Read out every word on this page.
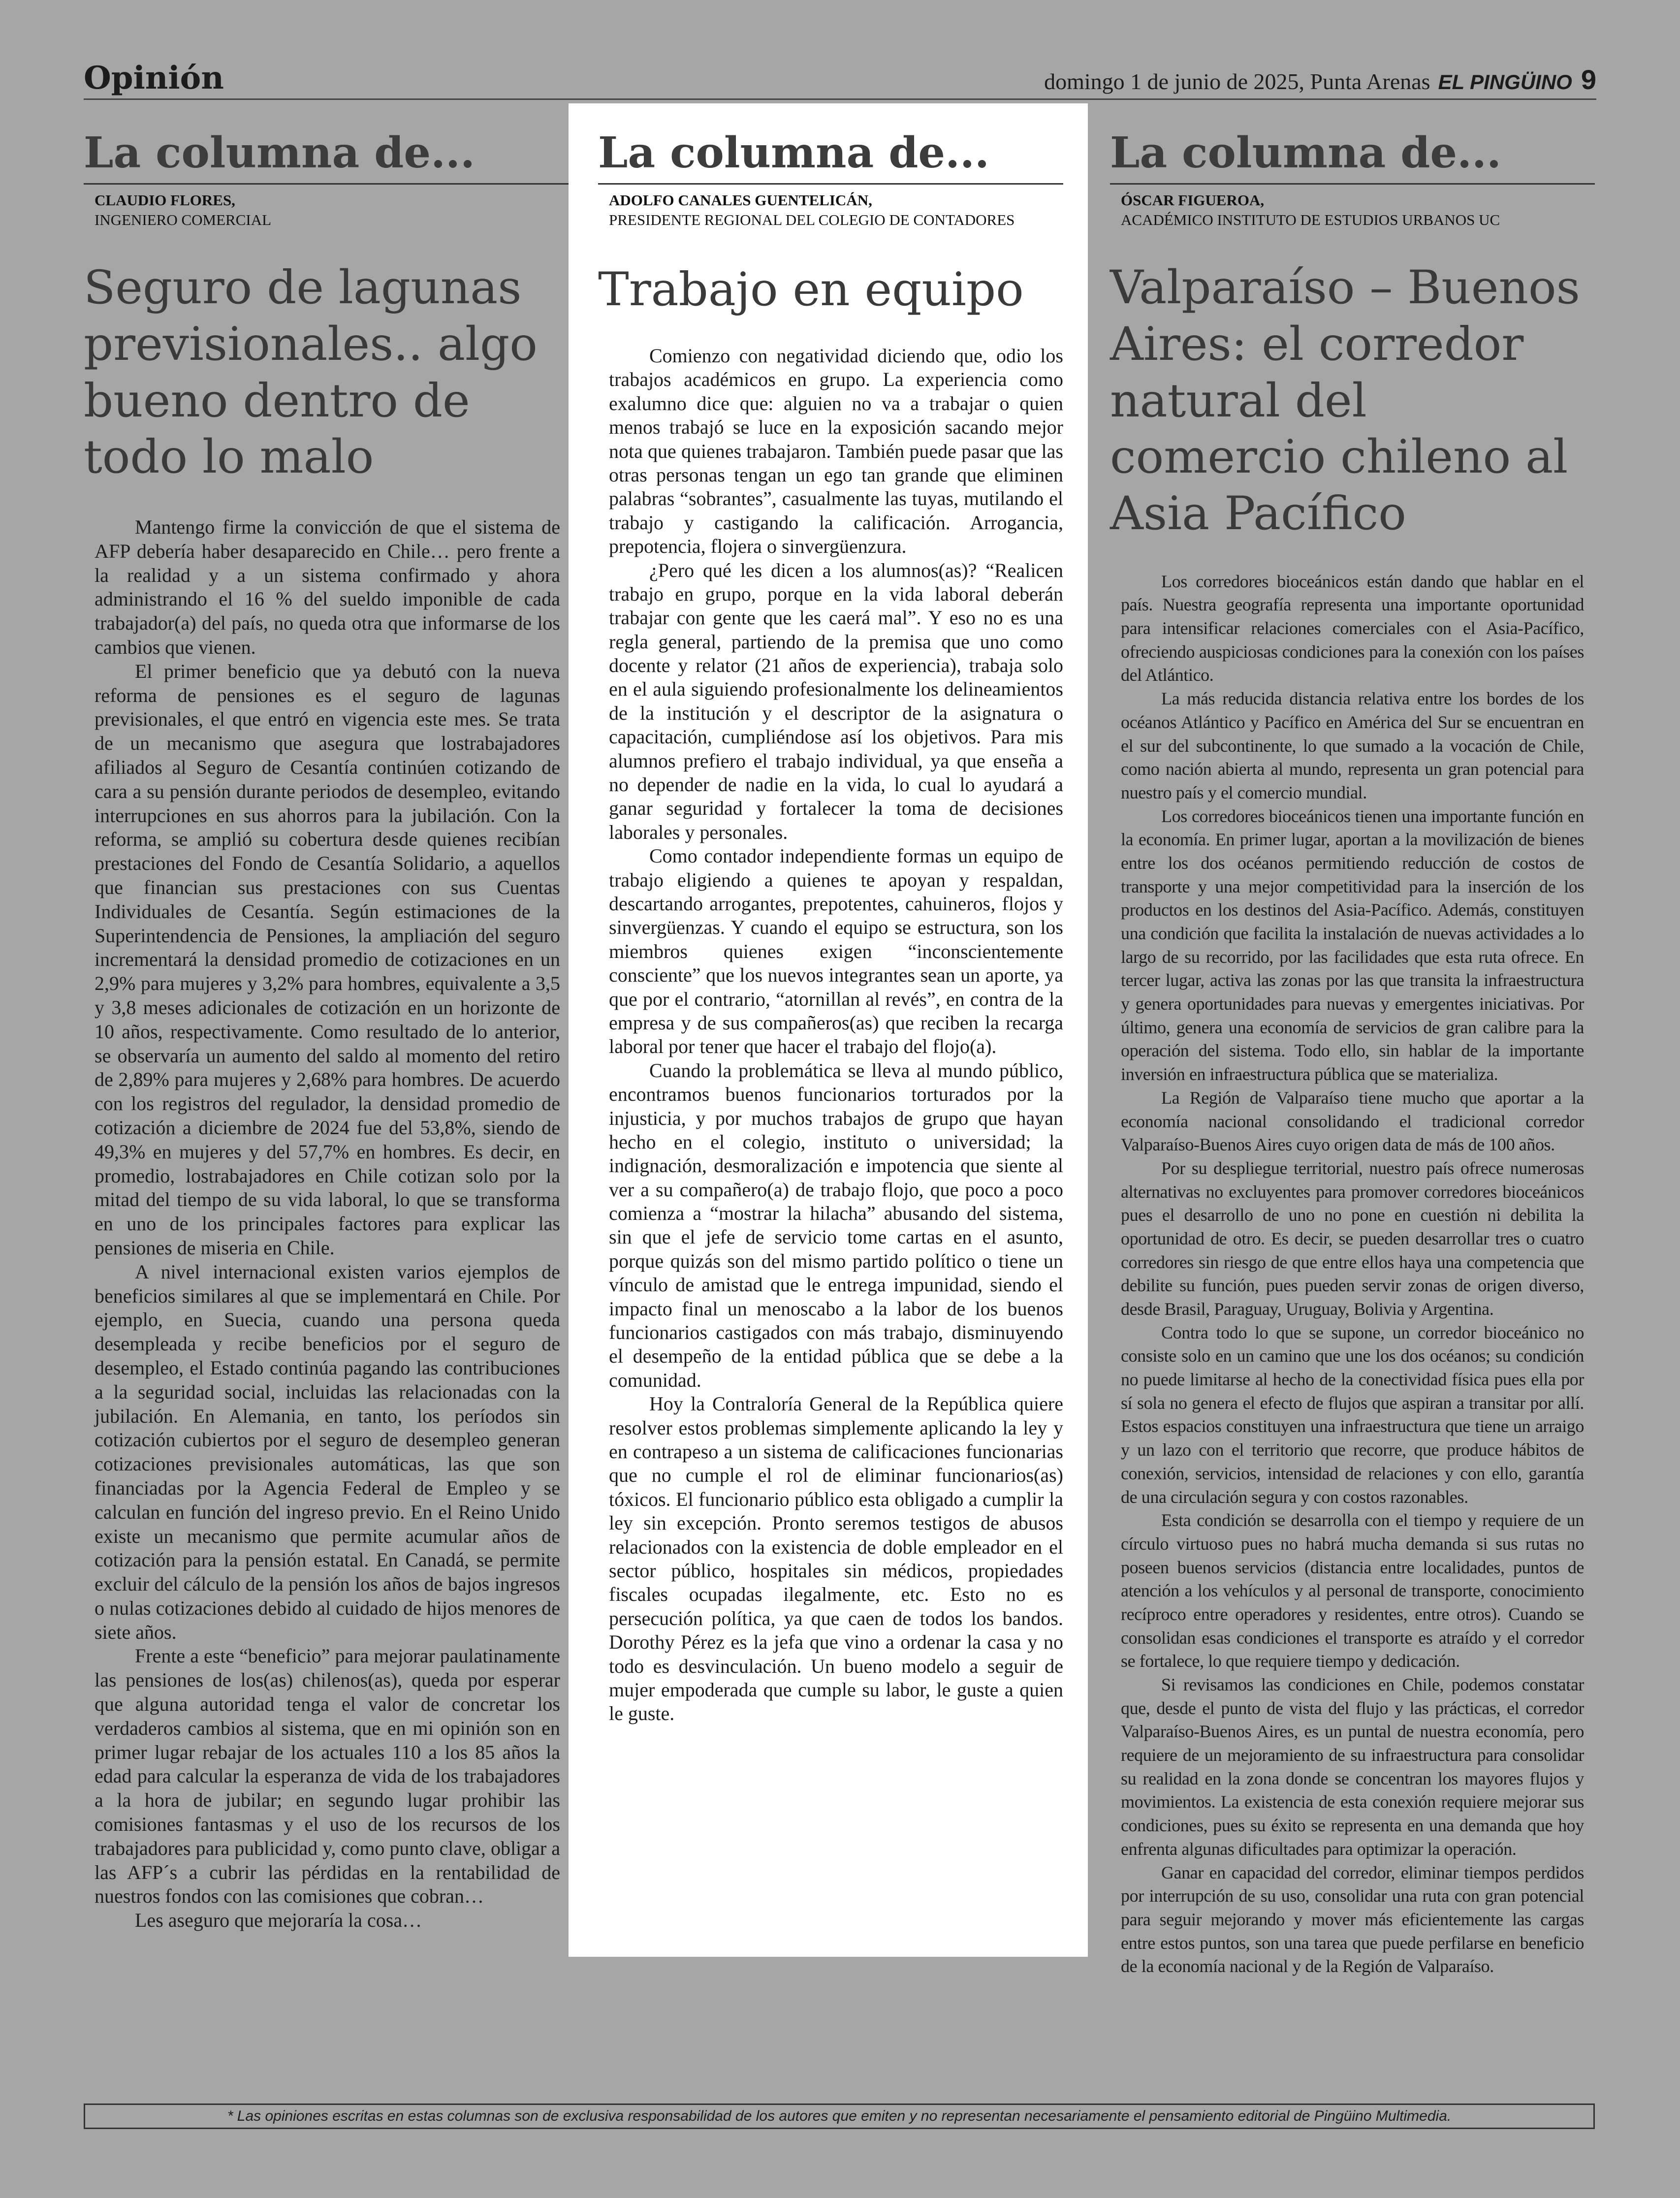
Opinión	domingo 1 de junio de 2025, Punta Arenas EL PINGÜINO 9
La columna de...
CLAUDIO FLORES,
INGENIERO COMERCIAL
Seguro de lagunas previsionales.. algo bueno dentro de todo lo malo

Mantengo firme la convicción de que el sistema de AFP debería haber desaparecido en Chile… pero frente a la realidad y a un sistema confirmado y ahora administrando el 16 % del sueldo imponible de cada trabajador(a) del país, no queda otra que informarse de los cambios que vienen.

El primer beneficio que ya debutó con la nueva reforma de pensiones es el seguro de lagunas previsionales, el que entró en vigencia este mes. Se trata de un mecanismo que asegura que lostrabajadores afiliados al Seguro de Cesantía continúen cotizando de cara a su pensión durante periodos de desempleo, evitando interrupciones en sus ahorros para la jubilación. Con la reforma, se amplió su cobertura desde quienes recibían prestaciones del Fondo de Cesantía Solidario, a aquellos que financian sus prestaciones con sus Cuentas Individuales de Cesantía. Según estimaciones de la Superintendencia de Pensiones, la ampliación del seguro incrementará la densidad promedio de cotizaciones en un 2,9% para mujeres y 3,2% para hombres, equivalente a 3,5 y 3,8 meses adicionales de cotización en un horizonte de 10 años, respectivamente. Como resultado de lo anterior, se observaría un aumento del saldo al momento del retiro de 2,89% para mujeres y 2,68% para hombres. De acuerdo con los registros del regulador, la densidad promedio de cotización a diciembre de 2024 fue del 53,8%, siendo de 49,3% en mujeres y del 57,7% en hombres. Es decir, en promedio, lostrabajadores en Chile cotizan solo por la mitad del tiempo de su vida laboral, lo que se transforma en uno de los principales factores para explicar las pensiones de miseria en Chile.

A nivel internacional existen varios ejemplos de beneficios similares al que se implementará en Chile. Por ejemplo, en Suecia, cuando una persona queda desempleada y recibe beneficios por el seguro de desempleo, el Estado continúa pagando las contribuciones a la seguridad social, incluidas las relacionadas con la jubilación. En Alemania, en tanto, los períodos sin cotización cubiertos por el seguro de desempleo generan cotizaciones previsionales automáticas, las que son financiadas por la Agencia Federal de Empleo y se calculan en función del ingreso previo. En el Reino Unido existe un mecanismo que permite acumular años de cotización para la pensión estatal. En Canadá, se permite excluir del cálculo de la pensión los años de bajos ingresos o nulas cotizaciones debido al cuidado de hijos menores de siete años.

Frente a este “beneficio” para mejorar paulatinamente las pensiones de los(as) chilenos(as), queda por esperar que alguna autoridad tenga el valor de concretar los verdaderos cambios al sistema, que en mi opinión son en primer lugar rebajar de los actuales 110 a los 85 años la edad para calcular la esperanza de vida de los trabajadores a la hora de jubilar; en segundo lugar prohibir las comisiones fantasmas y el uso de los recursos de los trabajadores para publicidad y, como punto clave, obligar a las AFP´s a cubrir las pérdidas en la rentabilidad de nuestros fondos con las comisiones que cobran…

Les aseguro que mejoraría la cosa…

La columna de...
ADOLFO CANALES GUENTELICÁN,
PRESIDENTE REGIONAL DEL COLEGIO DE CONTADORES
Trabajo en equipo

Comienzo con negatividad diciendo que, odio los trabajos académicos en grupo. La experiencia como exalumno dice que: alguien no va a trabajar o quien menos trabajó se luce en la exposición sacando mejor nota que quienes trabajaron. También puede pasar que las otras personas tengan un ego tan grande que eliminen palabras “sobrantes”, casualmente las tuyas, mutilando el trabajo y castigando la calificación. Arrogancia, prepotencia, flojera o sinvergüenzura.

¿Pero qué les dicen a los alumnos(as)? “Realicen trabajo en grupo, porque en la vida laboral deberán trabajar con gente que les caerá mal”. Y eso no es una regla general, partiendo de la premisa que uno como docente y relator (21 años de experiencia), trabaja solo en el aula siguiendo profesionalmente los delineamientos de la institución y el descriptor de la asignatura o capacitación, cumpliéndose así los objetivos. Para mis alumnos prefiero el trabajo individual, ya que enseña a no depender de nadie en la vida, lo cual lo ayudará a ganar seguridad y fortalecer la toma de decisiones laborales y personales.

Como contador independiente formas un equipo de trabajo eligiendo a quienes te apoyan y respaldan, descartando arrogantes, prepotentes, cahuineros, flojos y sinvergüenzas. Y cuando el equipo se estructura, son los miembros quienes exigen “inconscientemente consciente” que los nuevos integrantes sean un aporte, ya que por el contrario, “atornillan al revés”, en contra de la empresa y de sus compañeros(as) que reciben la recarga laboral por tener que hacer el trabajo del flojo(a).

Cuando la problemática se lleva al mundo público, encontramos buenos funcionarios torturados por la injusticia, y por muchos trabajos de grupo que hayan hecho en el colegio, instituto o universidad; la indignación, desmoralización e impotencia que siente al ver a su compañero(a) de trabajo flojo, que poco a poco comienza a “mostrar la hilacha” abusando del sistema, sin que el jefe de servicio tome cartas en el asunto, porque quizás son del mismo partido político o tiene un vínculo de amistad que le entrega impunidad, siendo el impacto final un menoscabo a la labor de los buenos funcionarios castigados con más trabajo, disminuyendo el desempeño de la entidad pública que se debe a la comunidad.

Hoy la Contraloría General de la República quiere resolver estos problemas simplemente aplicando la ley y en contrapeso a un sistema de calificaciones funcionarias que no cumple el rol de eliminar funcionarios(as) tóxicos. El funcionario público esta obligado a cumplir la ley sin excepción. Pronto seremos testigos de abusos relacionados con la existencia de doble empleador en el sector público, hospitales sin médicos, propiedades fiscales ocupadas ilegalmente, etc. Esto no es persecución política, ya que caen de todos los bandos. Dorothy Pérez es la jefa que vino a ordenar la casa y no todo es desvinculación. Un bueno modelo a seguir de mujer empoderada que cumple su labor, le guste a quien le guste.

La columna de...
ÓSCAR FIGUEROA,
ACADÉMICO INSTITUTO DE ESTUDIOS URBANOS UC
Valparaíso – Buenos Aires: el corredor natural del comercio chileno al Asia Pacífico

Los corredores bioceánicos están dando que hablar en el país. Nuestra geografía representa una importante oportunidad para intensificar relaciones comerciales con el Asia-Pacífico, ofreciendo auspiciosas condiciones para la conexión con los países del Atlántico.

La más reducida distancia relativa entre los bordes de los océanos Atlántico y Pacífico en América del Sur se encuentran en el sur del subcontinente, lo que sumado a la vocación de Chile, como nación abierta al mundo, representa un gran potencial para nuestro país y el comercio mundial.

Los corredores bioceánicos tienen una importante función en la economía. En primer lugar, aportan a la movilización de bienes entre los dos océanos permitiendo reducción de costos de transporte y una mejor competitividad para la inserción de los productos en los destinos del Asia-Pacífico. Además, constituyen una condición que facilita la instalación de nuevas actividades a lo largo de su recorrido, por las facilidades que esta ruta ofrece. En tercer lugar, activa las zonas por las que transita la infraestructura y genera oportunidades para nuevas y emergentes iniciativas. Por último, genera una economía de servicios de gran calibre para la operación del sistema. Todo ello, sin hablar de la importante inversión en infraestructura pública que se materializa.

La Región de Valparaíso tiene mucho que aportar a la economía nacional consolidando el tradicional corredor Valparaíso-Buenos Aires cuyo origen data de más de 100 años.

Por su despliegue territorial, nuestro país ofrece numerosas alternativas no excluyentes para promover corredores bioceánicos pues el desarrollo de uno no pone en cuestión ni debilita la oportunidad de otro. Es decir, se pueden desarrollar tres o cuatro corredores sin riesgo de que entre ellos haya una competencia que debilite su función, pues pueden servir zonas de origen diverso, desde Brasil, Paraguay, Uruguay, Bolivia y Argentina.

Contra todo lo que se supone, un corredor bioceánico no consiste solo en un camino que une los dos océanos; su condición no puede limitarse al hecho de la conectividad física pues ella por sí sola no genera el efecto de flujos que aspiran a transitar por allí. Estos espacios constituyen una infraestructura que tiene un arraigo y un lazo con el territorio que recorre, que produce hábitos de conexión, servicios, intensidad de relaciones y con ello, garantía de una circulación segura y con costos razonables.

Esta condición se desarrolla con el tiempo y requiere de un círculo virtuoso pues no habrá mucha demanda si sus rutas no poseen buenos servicios (distancia entre localidades, puntos de atención a los vehículos y al personal de transporte, conocimiento recíproco entre operadores y residentes, entre otros). Cuando se consolidan esas condiciones el transporte es atraído y el corredor se fortalece, lo que requiere tiempo y dedicación.

Si revisamos las condiciones en Chile, podemos constatar que, desde el punto de vista del flujo y las prácticas, el corredor Valparaíso-Buenos Aires, es un puntal de nuestra economía, pero requiere de un mejoramiento de su infraestructura para consolidar su realidad en la zona donde se concentran los mayores flujos y movimientos. La existencia de esta conexión requiere mejorar sus condiciones, pues su éxito se representa en una demanda que hoy enfrenta algunas dificultades para optimizar la operación.

Ganar en capacidad del corredor, eliminar tiempos perdidos por interrupción de su uso, consolidar una ruta con gran potencial para seguir mejorando y mover más eficientemente las cargas entre estos puntos, son una tarea que puede perfilarse en beneficio de la economía nacional y de la Región de Valparaíso.

* Las opiniones escritas en estas columnas son de exclusiva responsabilidad de los autores que emiten y no representan necesariamente el pensamiento editorial de Pingüino Multimedia.
